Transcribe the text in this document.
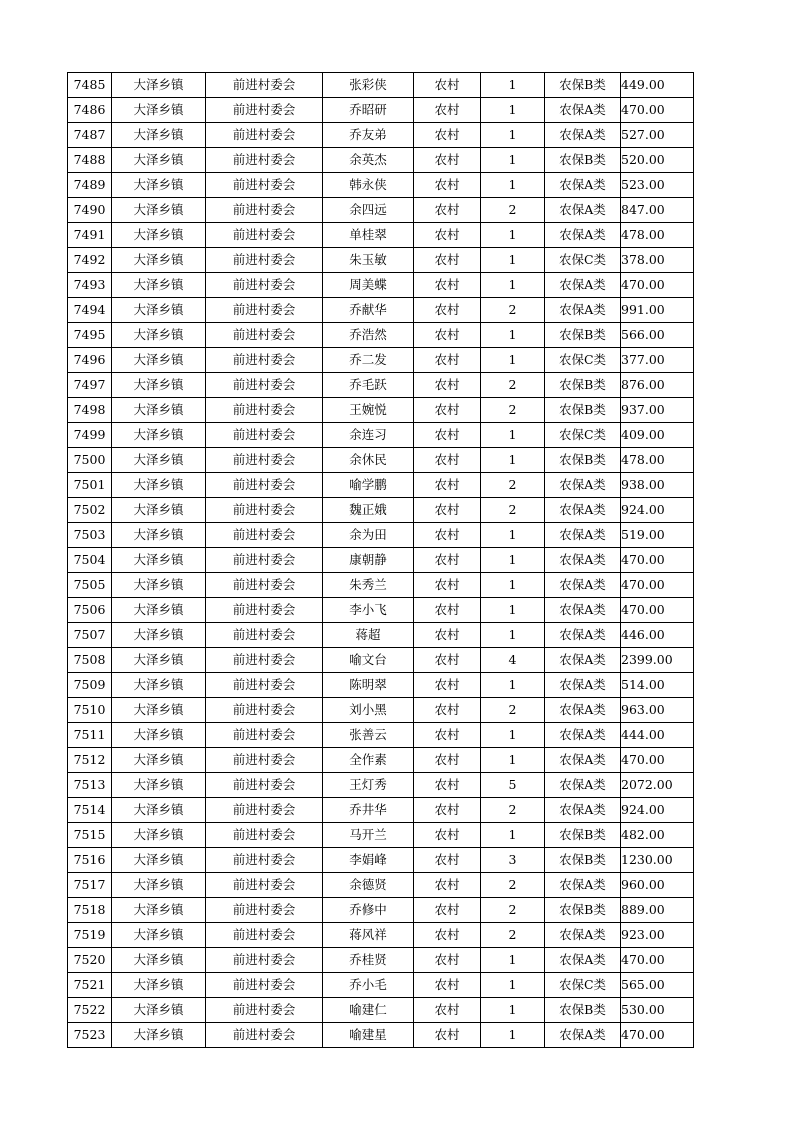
7485	大泽乡镇	前进村委会	张彩侠	农村	1	农保B类	449.00
7486	大泽乡镇	前进村委会	乔昭研	农村	1	农保A类	470.00
7487	大泽乡镇	前进村委会	乔友弟	农村	1	农保A类	527.00
7488	大泽乡镇	前进村委会	余英杰	农村	1	农保B类	520.00
7489	大泽乡镇	前进村委会	韩永侠	农村	1	农保A类	523.00
7490	大泽乡镇	前进村委会	余四远	农村	2	农保A类	847.00
7491	大泽乡镇	前进村委会	单桂翠	农村	1	农保A类	478.00
7492	大泽乡镇	前进村委会	朱玉敏	农村	1	农保C类	378.00
7493	大泽乡镇	前进村委会	周美蝶	农村	1	农保A类	470.00
7494	大泽乡镇	前进村委会	乔献华	农村	2	农保A类	991.00
7495	大泽乡镇	前进村委会	乔浩然	农村	1	农保B类	566.00
7496	大泽乡镇	前进村委会	乔二发	农村	1	农保C类	377.00
7497	大泽乡镇	前进村委会	乔毛跃	农村	2	农保B类	876.00
7498	大泽乡镇	前进村委会	王婉悦	农村	2	农保B类	937.00
7499	大泽乡镇	前进村委会	余连习	农村	1	农保C类	409.00
7500	大泽乡镇	前进村委会	余休民	农村	1	农保B类	478.00
7501	大泽乡镇	前进村委会	喻学鹏	农村	2	农保A类	938.00
7502	大泽乡镇	前进村委会	魏正娥	农村	2	农保A类	924.00
7503	大泽乡镇	前进村委会	余为田	农村	1	农保A类	519.00
7504	大泽乡镇	前进村委会	康朝静	农村	1	农保A类	470.00
7505	大泽乡镇	前进村委会	朱秀兰	农村	1	农保A类	470.00
7506	大泽乡镇	前进村委会	李小飞	农村	1	农保A类	470.00
7507	大泽乡镇	前进村委会	蒋超	农村	1	农保A类	446.00
7508	大泽乡镇	前进村委会	喻文台	农村	4	农保A类	2399.00
7509	大泽乡镇	前进村委会	陈明翠	农村	1	农保A类	514.00
7510	大泽乡镇	前进村委会	刘小黑	农村	2	农保A类	963.00
7511	大泽乡镇	前进村委会	张善云	农村	1	农保A类	444.00
7512	大泽乡镇	前进村委会	全作素	农村	1	农保A类	470.00
7513	大泽乡镇	前进村委会	王灯秀	农村	5	农保A类	2072.00
7514	大泽乡镇	前进村委会	乔井华	农村	2	农保A类	924.00
7515	大泽乡镇	前进村委会	马开兰	农村	1	农保B类	482.00
7516	大泽乡镇	前进村委会	李娟峰	农村	3	农保B类	1230.00
7517	大泽乡镇	前进村委会	余德贤	农村	2	农保A类	960.00
7518	大泽乡镇	前进村委会	乔修中	农村	2	农保B类	889.00
7519	大泽乡镇	前进村委会	蒋风祥	农村	2	农保A类	923.00
7520	大泽乡镇	前进村委会	乔桂贤	农村	1	农保A类	470.00
7521	大泽乡镇	前进村委会	乔小毛	农村	1	农保C类	565.00
7522	大泽乡镇	前进村委会	喻建仁	农村	1	农保B类	530.00
7523	大泽乡镇	前进村委会	喻建星	农村	1	农保A类	470.00
